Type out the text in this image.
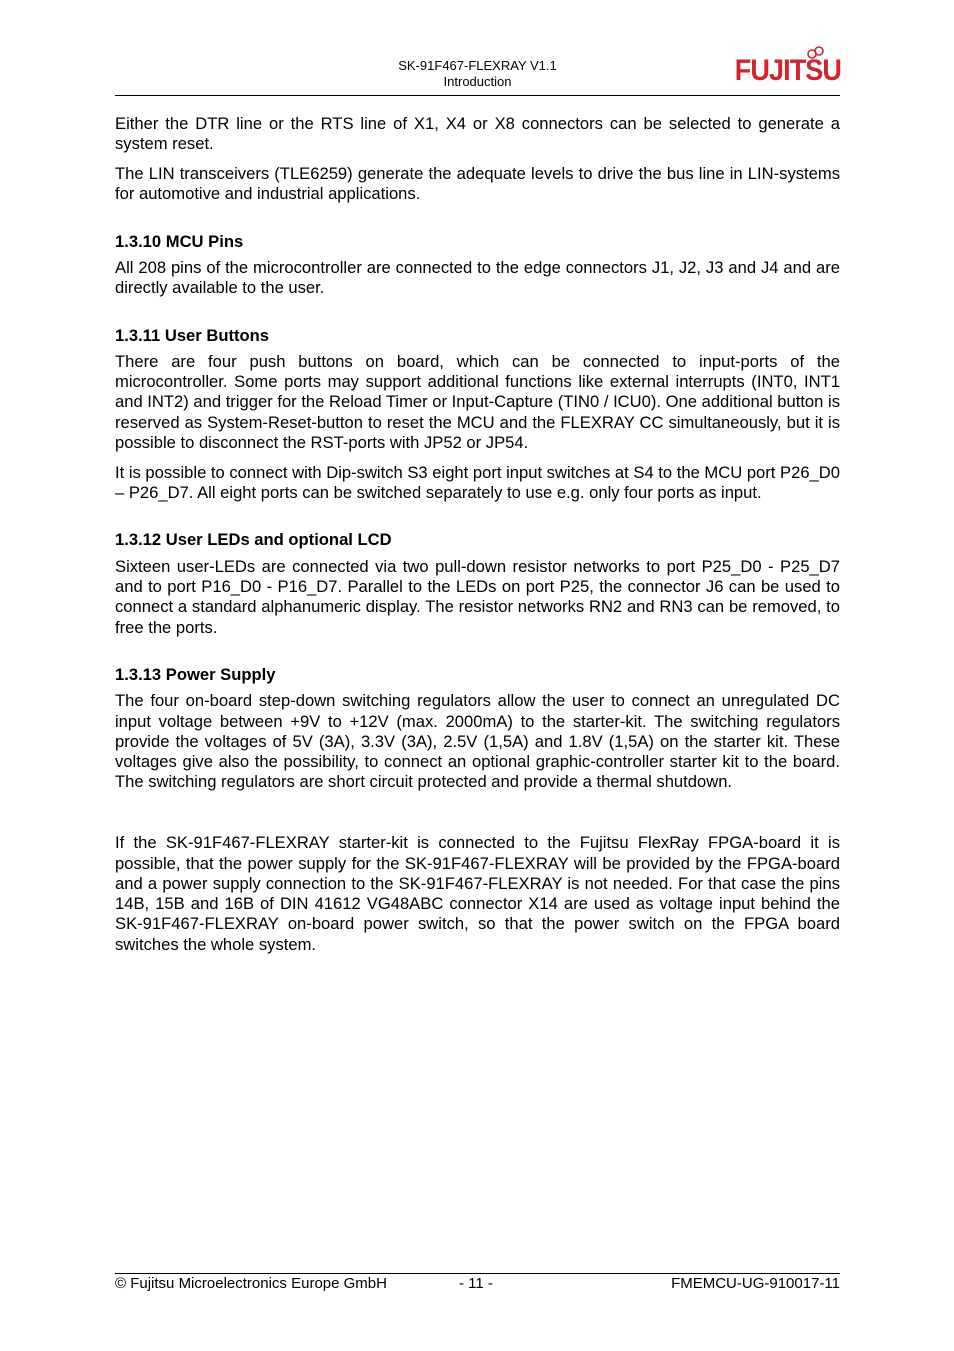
SK-91F467-FLEXRAY V1.1
Introduction	FUJITSU

Either the DTR line or the RTS line of X1, X4 or X8 connectors can be selected to generate a system reset.

The LIN transceivers (TLE6259) generate the adequate levels to drive the bus line in LIN-systems for automotive and industrial applications.

1.3.10 MCU Pins

All 208 pins of the microcontroller are connected to the edge connectors J1, J2, J3 and J4 and are directly available to the user.

1.3.11 User Buttons

There are four push buttons on board, which can be connected to input-ports of the microcontroller. Some ports may support additional functions like external interrupts (INT0, INT1 and INT2) and trigger for the Reload Timer or Input-Capture (TIN0 / ICU0). One additional button is reserved as System-Reset-button to reset the MCU and the FLEXRAY CC simultaneously, but it is possible to disconnect the RST-ports with JP52 or JP54.

It is possible to connect with Dip-switch S3 eight port input switches at S4 to the MCU port P26_D0 – P26_D7. All eight ports can be switched separately to use e.g. only four ports as input.

1.3.12 User LEDs and optional LCD

Sixteen user-LEDs are connected via two pull-down resistor networks to port P25_D0 - P25_D7 and to port P16_D0 - P16_D7. Parallel to the LEDs on port P25, the connector J6 can be used to connect a standard alphanumeric display. The resistor networks RN2 and RN3 can be removed, to free the ports.

1.3.13 Power Supply

The four on-board step-down switching regulators allow the user to connect an unregulated DC input voltage between +9V to +12V (max. 2000mA) to the starter-kit. The switching regulators provide the voltages of 5V (3A), 3.3V (3A), 2.5V (1,5A) and 1.8V (1,5A) on the starter kit. These voltages give also the possibility, to connect an optional graphic-controller starter kit to the board. The switching regulators are short circuit protected and provide a thermal shutdown.

If the SK-91F467-FLEXRAY starter-kit is connected to the Fujitsu FlexRay FPGA-board it is possible, that the power supply for the SK-91F467-FLEXRAY will be provided by the FPGA-board and a power supply connection to the SK-91F467-FLEXRAY is not needed. For that case the pins 14B, 15B and 16B of DIN 41612 VG48ABC connector X14 are used as voltage input behind the SK-91F467-FLEXRAY on-board power switch, so that the power switch on the FPGA board switches the whole system.

© Fujitsu Microelectronics Europe GmbH	- 11 -	FMEMCU-UG-910017-11
